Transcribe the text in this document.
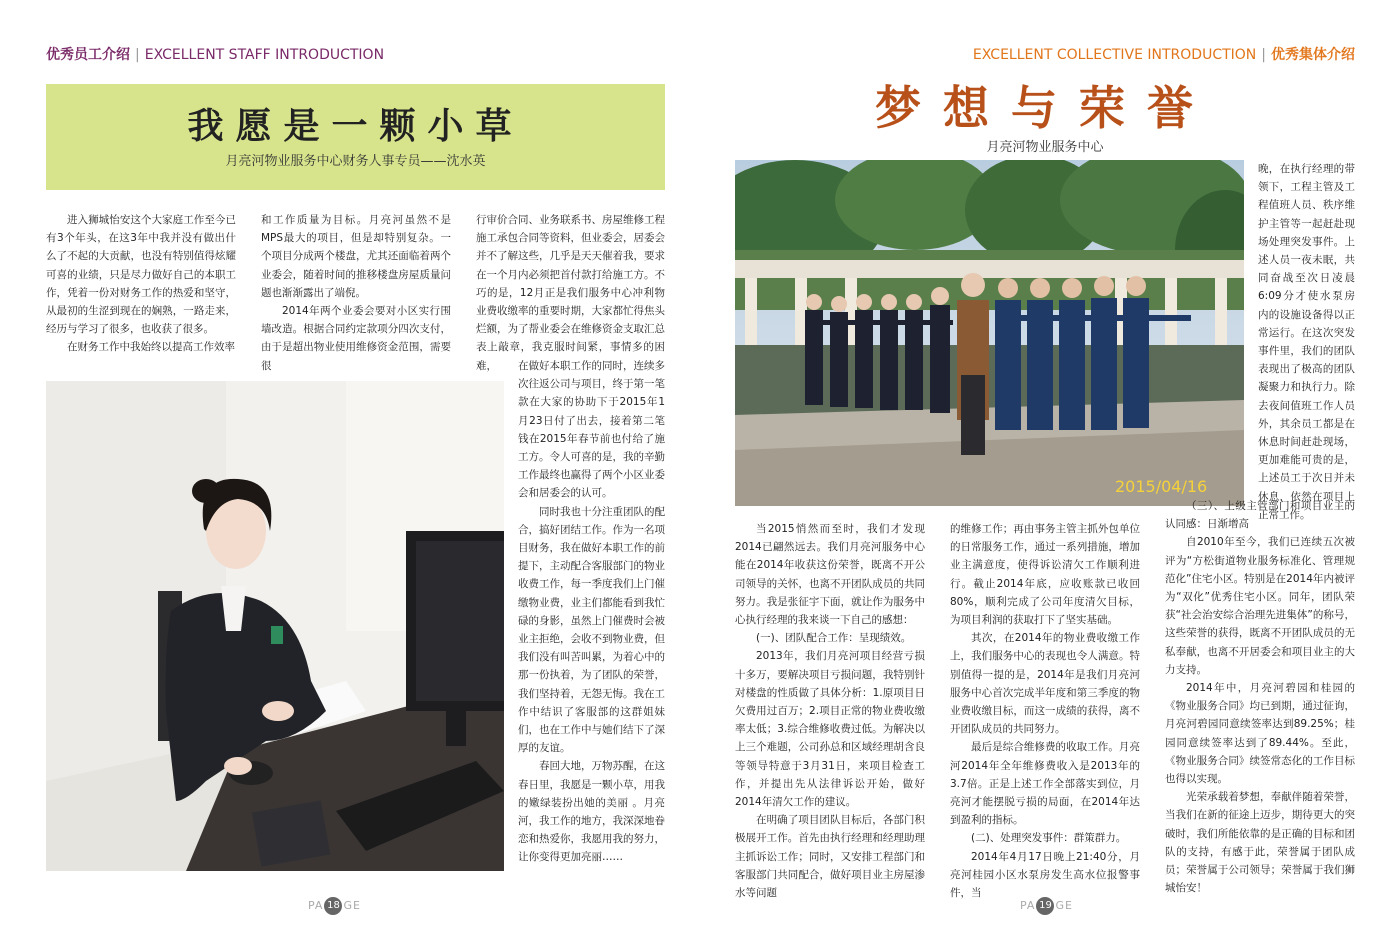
优秀员工介绍 | EXCELLENT STAFF INTRODUCTION	EXCELLENT COLLECTIVE INTRODUCTION | 优秀集体介绍
我愿是一颗小草
月亮河物业服务中心财务人事专员——沈水英

进入狮城怡安这个大家庭工作至今已有3个年头，在这3年中我并没有做出什么了不起的大贡献，也没有特别值得炫耀可喜的业绩，只是尽力做好自己的本职工作，凭着一份对财务工作的热爱和坚守，从最初的生涩到现在的娴熟，一路走来，经历与学习了很多，也收获了很多。

在财务工作中我始终以提高工作效率

和工作质量为目标。月亮河虽然不是MPS最大的项目，但是却特别复杂。一个项目分成两个楼盘，尤其还面临着两个业委会，随着时间的推移楼盘房屋质量问题也渐渐露出了端倪。

2014年两个业委会要对小区实行围墙改造。根据合同约定款项分四次支付，由于是超出物业使用维修资金范围，需要很

行审价合同、业务联系书、房屋维修工程施工承包合同等资料，但业委会，居委会并不了解这些，几乎是天天催着我，要求在一个月内必须把首付款打给施工方。不巧的是，12月正是我们服务中心冲利物业费收缴率的重要时期，大家都忙得焦头烂额，为了帮业委会在维修资金支取汇总表上敲章，我克服时间紧，事情多的困难，	在做好本职工作的同时，连续多次往返公司与项目，终于第一笔款在大家的协助下于2015年1月23日付了出去，接着第二笔钱在2015年春节前也付给了施工方。令人可喜的是，我的辛勤工作最终也赢得了两个小区业委会和居委会的认可。

同时我也十分注重团队的配合，搞好团结工作。作为一名项目财务，我在做好本职工作的前提下，主动配合客服部门的物业收费工作，每一季度我们上门催缴物业费，业主们都能看到我忙碌的身影，虽然上门催费时会被业主拒绝，会收不到物业费，但我们没有叫苦叫累，为着心中的那一份执着，为了团队的荣誉，我们坚持着，无怨无悔。我在工作中结识了客服部的这群姐妹们，也在工作中与她们结下了深厚的友谊。

春回大地，万物苏醒，在这春日里，我愿是一颗小草，用我的嫩绿装扮出她的美丽 。月亮河，我工作的地方，我深深地眷恋和热爱你，我愿用我的努力，让你变得更加亮丽……

梦想与荣誉
月亮河物业服务中心
2015/04/16

晚，在执行经理的带领下，工程主管及工程值班人员、秩序维护主管等一起赶赴现场处理突发事件。上述人员一夜未眠，共同奋战至次日凌晨6:09分才使水泵房内的设施设备得以正常运行。在这次突发事件里，我们的团队表现出了极高的团队凝聚力和执行力。除去夜间值班工作人员外，其余员工都是在休息时间赶赴现场，更加难能可贵的是，上述员工于次日并未休息，依然在项目上正常工作。

当2015悄然而至时，我们才发现2014已翩然远去。我们月亮河服务中心能在2014年收获这份荣誉，既离不开公司领导的关怀，也离不开团队成员的共同努力。我是张征宇下面，就让作为服务中心执行经理的我来谈一下自己的感想：

(一)、团队配合工作：呈现绩效。

2013年，我们月亮河项目经营亏损十多万，要解决项目亏损问题，我特别针对楼盘的性质做了具体分析：1.原项目日欠费用过百万；2.项目正常的物业费收缴率太低；3.综合维修收费过低。为解决以上三个难题，公司孙总和区域经理胡含良等领导特意于3月31日，来项目检查工作，并提出先从法律诉讼开始，做好2014年清欠工作的建议。

在明确了项目团队目标后，各部门积极展开工作。首先由执行经理和经理助理主抓诉讼工作；同时，又安排工程部门和客服部门共同配合，做好项目业主房屋渗水等问题

的维修工作；再由事务主管主抓外包单位的日常服务工作，通过一系列措施，增加业主满意度，使得诉讼清欠工作顺利进行。截止2014年底，应收账款已收回80%，顺利完成了公司年度清欠目标，为项目利润的获取打下了坚实基础。

其次，在2014年的物业费收缴工作上，我们服务中心的表现也令人满意。特别值得一提的是，2014年是我们月亮河服务中心首次完成半年度和第三季度的物业费收缴目标，而这一成绩的获得，离不开团队成员的共同努力。

最后是综合维修费的收取工作。月亮河2014年全年维修费收入是2013年的3.7倍。正是上述工作全部落实到位，月亮河才能摆脱亏损的局面，在2014年达到盈利的指标。

(二)、处理突发事件：群策群力。

2014年4月17日晚上21:40分，月亮河桂园小区水泵房发生高水位报警事件，当

（三）、上级主管部门和项目业主的认同感：日渐增高

自2010年至今，我们已连续五次被评为“方松街道物业服务标准化、管理规范化”住宅小区。特别是在2014年内被评为“双化”优秀住宅小区。同年，团队荣获“社会治安综合治理先进集体”的称号，这些荣誉的获得，既离不开团队成员的无私奉献，也离不开居委会和项目业主的大力支持。

2014年中，月亮河碧园和桂园的《物业服务合同》均已到期，通过征询，月亮河碧园同意续签率达到89.25%；桂园同意续签率达到了89.44%。至此，《物业服务合同》续签常态化的工作目标也得以实现。

光荣承载着梦想，奉献伴随着荣誉，当我们在新的征途上迈步，期待更大的突破时，我们所能依靠的是正确的目标和团队的支持，有感于此，荣誉属于团队成员；荣誉属于公司领导；荣誉属于我们狮城怡安！

PA 18 GE	PA 19 GE
